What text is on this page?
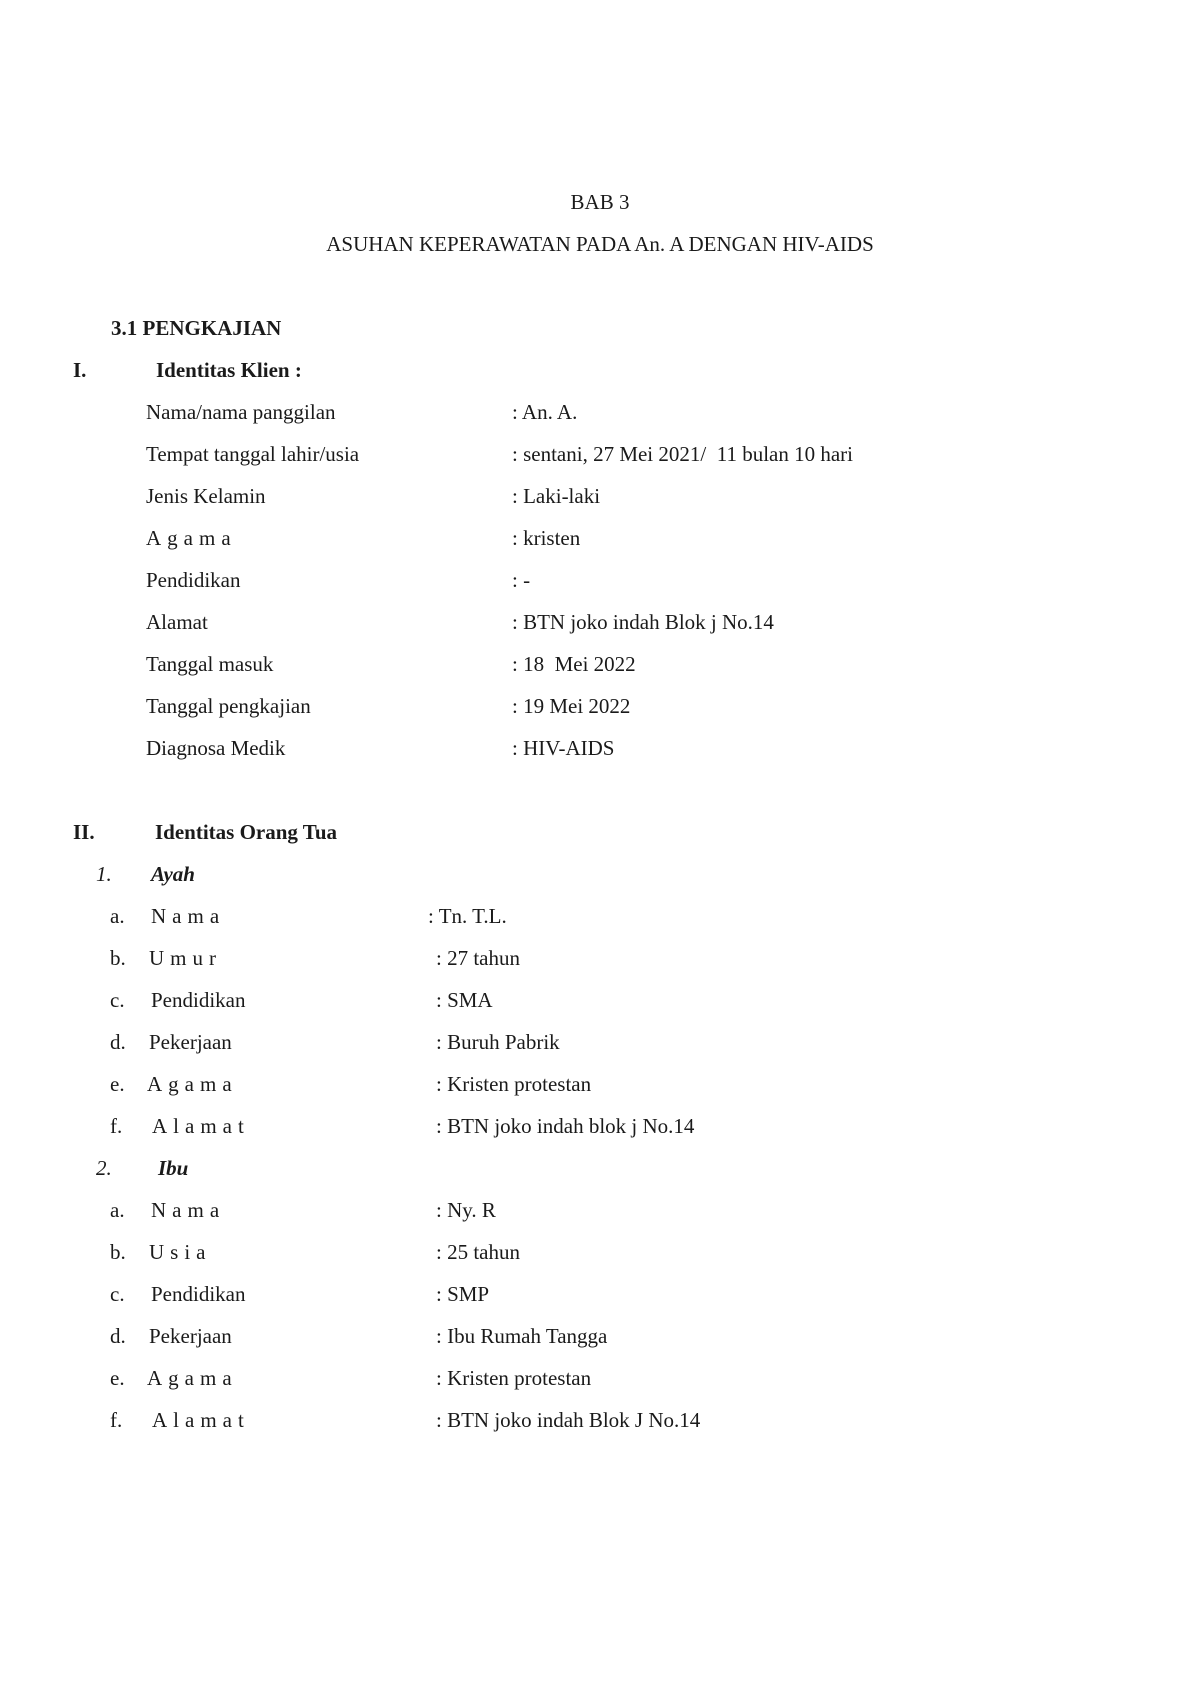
BAB 3
ASUHAN KEPERAWATAN PADA An. A DENGAN HIV-AIDS
3.1 PENGKAJIAN
I.	Identitas Klien :
Nama/nama panggilan	: An. A.
Tempat tanggal lahir/usia	: sentani, 27 Mei 2021/  11 bulan 10 hari
Jenis Kelamin	: Laki-laki
Agama	: kristen
Pendidikan	: -
Alamat	: BTN joko indah Blok j No.14
Tanggal masuk	: 18  Mei 2022
Tanggal pengkajian	: 19 Mei 2022
Diagnosa Medik	: HIV-AIDS
II.	Identitas Orang Tua
1. Ayah
a. Nama	: Tn. T.L.
b. Umur	: 27 tahun
c. Pendidikan	: SMA
d. Pekerjaan	: Buruh Pabrik
e. Agama	: Kristen protestan
f. Alamat	: BTN joko indah blok j No.14
2. Ibu
a. Nama	: Ny. R
b. Usia	: 25 tahun
c. Pendidikan	: SMP
d. Pekerjaan	: Ibu Rumah Tangga
e. Agama	: Kristen protestan
f. Alamat	: BTN joko indah Blok J No.14
